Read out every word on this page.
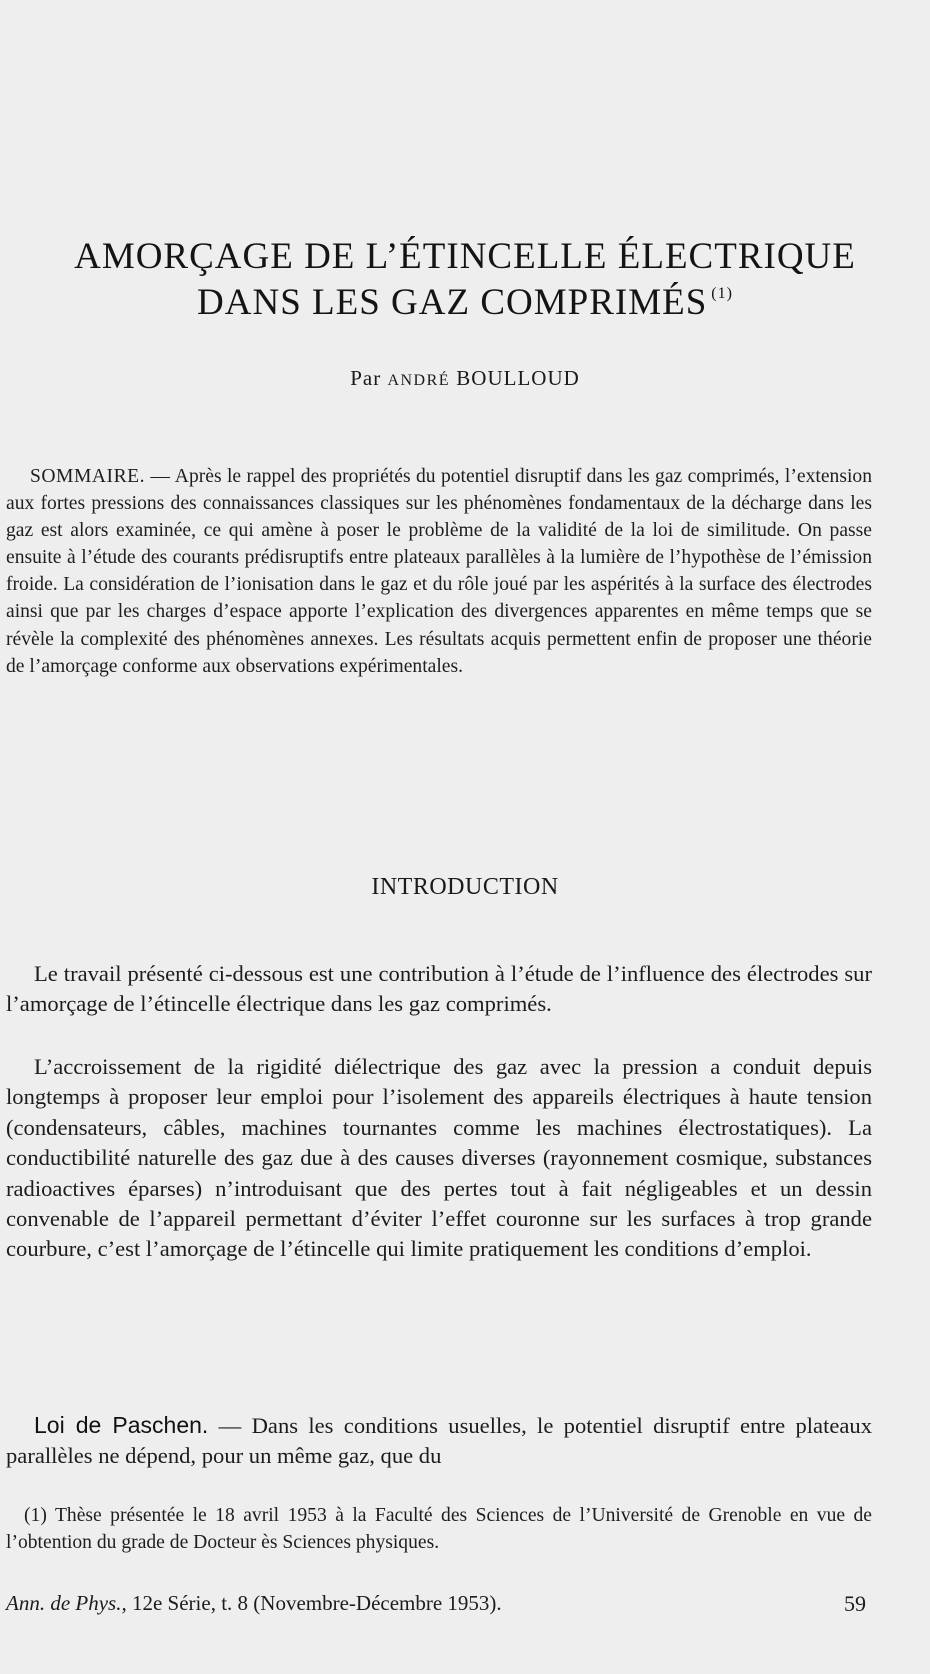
AMORÇAGE DE L’ÉTINCELLE ÉLECTRIQUE
DANS LES GAZ COMPRIMÉS $^{(1)}$
Par ANDRÉ BOULLOUD
SOMMAIRE. — Après le rappel des propriétés du potentiel disruptif dans les gaz comprimés, l’extension aux fortes pressions des connaissances classiques sur les phénomènes fondamentaux de la décharge dans les gaz est alors examinée, ce qui amène à poser le problème de la validité de la loi de similitude. On passe ensuite à l’étude des courants prédisruptifs entre plateaux parallèles à la lumière de l’hypothèse de l’émission froide. La considération de l’ionisation dans le gaz et du rôle joué par les aspérités à la surface des électrodes ainsi que par les charges d’espace apporte l’explication des divergences apparentes en même temps que se révèle la complexité des phénomènes annexes. Les résultats acquis permettent enfin de proposer une théorie de l’amorçage conforme aux observations expérimentales.
INTRODUCTION
Le travail présenté ci-dessous est une contribution à l’étude de l’influence des électrodes sur l’amorçage de l’étincelle électrique dans les gaz comprimés.
L’accroissement de la rigidité diélectrique des gaz avec la pression a conduit depuis longtemps à proposer leur emploi pour l’isolement des appareils électriques à haute tension (condensateurs, câbles, machines tournantes comme les machines électrostatiques). La conductibilité naturelle des gaz due à des causes diverses (rayonnement cosmique, substances radioactives éparses) n’introduisant que des pertes tout à fait négligeables et un dessin convenable de l’appareil permettant d’éviter l’effet couronne sur les surfaces à trop grande courbure, c’est l’amorçage de l’étincelle qui limite pratiquement les conditions d’emploi.
Loi de Paschen. — Dans les conditions usuelles, le potentiel disruptif entre plateaux parallèles ne dépend, pour un même gaz, que du
(1) Thèse présentée le 18 avril 1953 à la Faculté des Sciences de l’Université de Grenoble en vue de l’obtention du grade de Docteur ès Sciences physiques.
Ann. de Phys., 12e Série, t. 8 (Novembre-Décembre 1953).	59
